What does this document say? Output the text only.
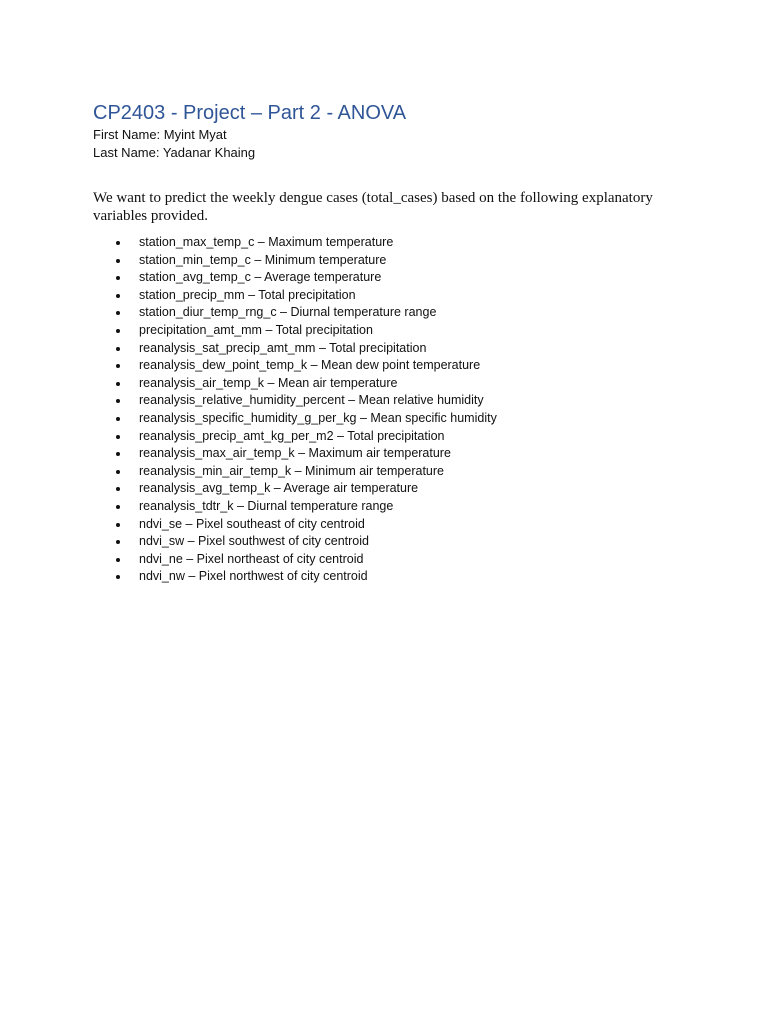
CP2403 - Project – Part 2 - ANOVA

First Name: Myint Myat

Last Name: Yadanar Khaing

We want to predict the weekly dengue cases (total_cases) based on the following explanatory variables provided.

station_max_temp_c – Maximum temperature
station_min_temp_c – Minimum temperature
station_avg_temp_c – Average temperature
station_precip_mm – Total precipitation
station_diur_temp_rng_c – Diurnal temperature range
precipitation_amt_mm – Total precipitation
reanalysis_sat_precip_amt_mm – Total precipitation
reanalysis_dew_point_temp_k – Mean dew point temperature
reanalysis_air_temp_k – Mean air temperature
reanalysis_relative_humidity_percent – Mean relative humidity
reanalysis_specific_humidity_g_per_kg – Mean specific humidity
reanalysis_precip_amt_kg_per_m2 – Total precipitation
reanalysis_max_air_temp_k – Maximum air temperature
reanalysis_min_air_temp_k – Minimum air temperature
reanalysis_avg_temp_k – Average air temperature
reanalysis_tdtr_k – Diurnal temperature range
ndvi_se – Pixel southeast of city centroid
ndvi_sw – Pixel southwest of city centroid
ndvi_ne – Pixel northeast of city centroid
ndvi_nw – Pixel northwest of city centroid
